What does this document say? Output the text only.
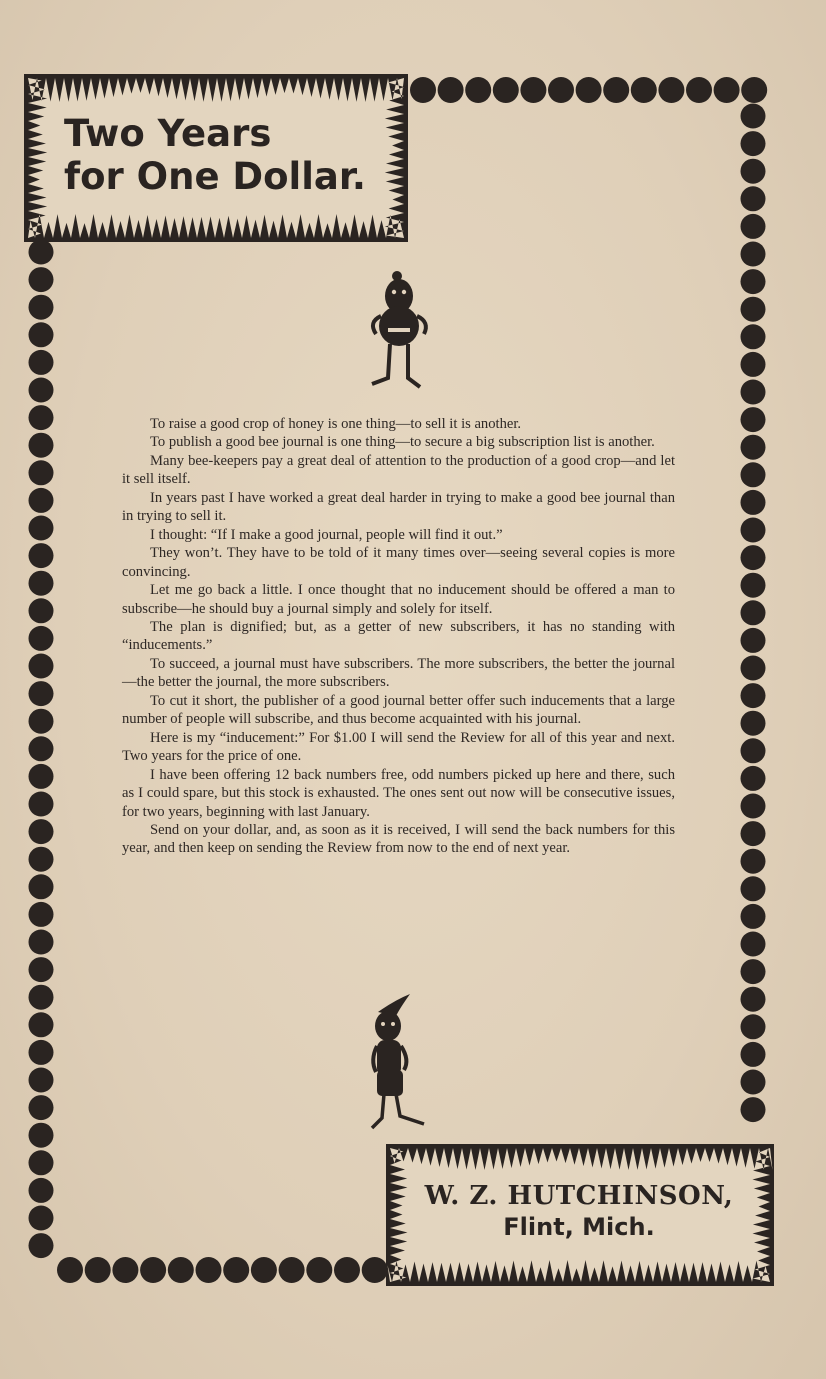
Two Years
for One Dollar.

To raise a good crop of honey is one thing—to sell it is another.

To publish a good bee journal is one thing—to secure a big subscription list is another.

Many bee-keepers pay a great deal of attention to the production of a good crop—and let it sell itself.

In years past I have worked a great deal harder in trying to make a good bee journal than in trying to sell it.

I thought: “If I make a good journal, people will find it out.”

They won’t. They have to be told of it many times over—seeing several copies is more convincing.

Let me go back a little. I once thought that no inducement should be offered a man to subscribe—he should buy a journal simply and solely for itself.

The plan is dignified; but, as a getter of new subscribers, it has no standing with “inducements.”

To succeed, a journal must have subscribers. The more subscribers, the better the journal—the better the journal, the more subscribers.

To cut it short, the publisher of a good journal better offer such inducements that a large number of people will subscribe, and thus become acquainted with his journal.

Here is my “inducement:” For $1.00 I will send the Review for all of this year and next. Two years for the price of one.

I have been offering 12 back numbers free, odd numbers picked up here and there, such as I could spare, but this stock is exhausted. The ones sent out now will be consecutive issues, for two years, beginning with last January.

Send on your dollar, and, as soon as it is received, I will send the back numbers for this year, and then keep on sending the Review from now to the end of next year.

W. Z. HUTCHINSON,
Flint, Mich.
